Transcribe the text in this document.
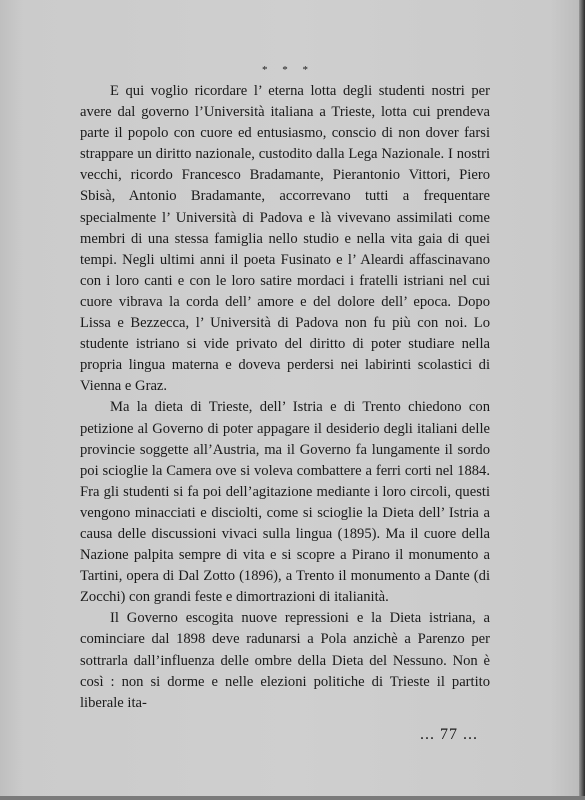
* * *

E qui voglio ricordare l’ eterna lotta degli studenti nostri per avere dal governo l’Università italiana a Trieste, lotta cui prendeva parte il popolo con cuore ed entusiasmo, conscio di non dover farsi strappare un diritto nazionale, custodito dalla Lega Nazionale. I nostri vecchi, ricordo Francesco Bradamante, Pierantonio Vittori, Piero Sbisà, Antonio Bradamante, accorrevano tutti a frequentare specialmente l’ Università di Padova e là vivevano assimilati come membri di una stessa famiglia nello studio e nella vita gaia di quei tempi. Negli ultimi anni il poeta Fusinato e l’ Aleardi affascinavano con i loro canti e con le loro satire mordaci i fratelli istriani nel cui cuore vibrava la corda dell’ amore e del dolore dell’ epoca. Dopo Lissa e Bezzecca, l’ Università di Padova non fu più con noi. Lo studente istriano si vide privato del diritto di poter studiare nella propria lingua materna e doveva perdersi nei labirinti scolastici di Vienna e Graz.

Ma la dieta di Trieste, dell’ Istria e di Trento chiedono con petizione al Governo di poter appagare il desiderio degli italiani delle provincie soggette all’Austria, ma il Governo fa lungamente il sordo poi scioglie la Camera ove si voleva combattere a ferri corti nel 1884. Fra gli studenti si fa poi dell’agitazione mediante i loro circoli, questi vengono minacciati e disciolti, come si scioglie la Dieta dell’ Istria a causa delle discussioni vivaci sulla lingua (1895). Ma il cuore della Nazione palpita sempre di vita e si scopre a Pirano il monumento a Tartini, opera di Dal Zotto (1896), a Trento il monumento a Dante (di Zocchi) con grandi feste e dimortrazioni di italianità.

Il Governo escogita nuove repressioni e la Dieta istriana, a cominciare dal 1898 deve radunarsi a Pola anzichè a Parenzo per sottrarla dall’influenza delle ombre della Dieta del Nessuno. Non è così : non si dorme e nelle elezioni politiche di Trieste il partito liberale ita-

... 77 ...
